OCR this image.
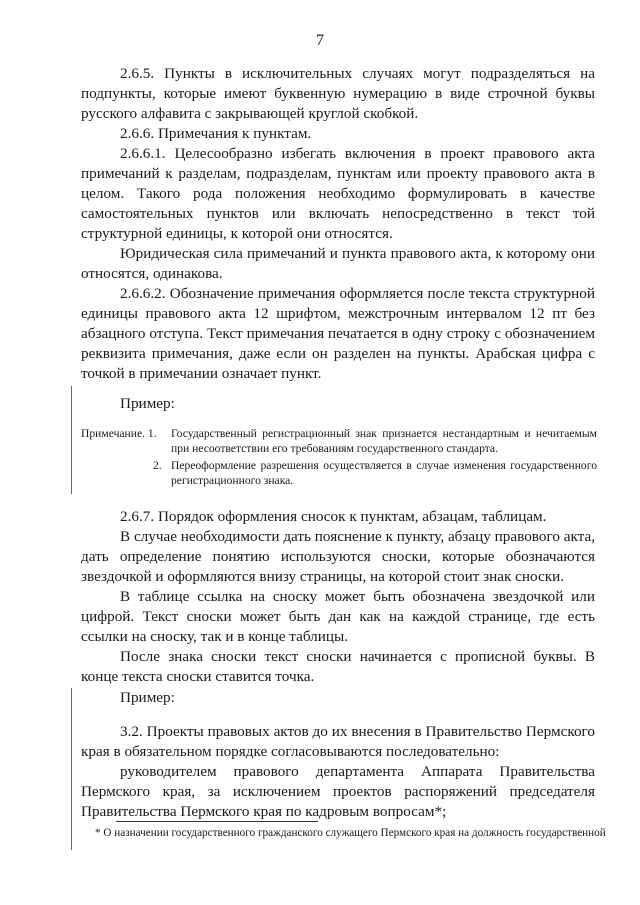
7

2.6.5. Пункты в исключительных случаях могут подразделяться на подпункты, которые имеют буквенную нумерацию в виде строчной буквы русского алфавита с закрывающей круглой скобкой.

2.6.6. Примечания к пунктам.

2.6.6.1. Целесообразно избегать включения в проект правового акта примечаний к разделам, подразделам, пунктам или проекту правового акта в целом. Такого рода положения необходимо формулировать в качестве самостоятельных пунктов или включать непосредственно в текст той структурной единицы, к которой они относятся.

Юридическая сила примечаний и пункта правового акта, к которому они относятся, одинакова.

2.6.6.2. Обозначение примечания оформляется после текста структурной единицы правового акта 12 шрифтом, межстрочным интервалом 12 пт без абзацного отступа. Текст примечания печатается в одну строку с обозначением реквизита примечания, даже если он разделен на пункты. Арабская цифра с точкой в примечании означает пункт.

Пример:

Примечание. 1.	Государственный регистрационный знак признается нестандартным и нечитаемым при несоответствии его требованиям государственного стандарта.
2. Переоформление разрешения осуществляется в случае изменения государственного регистрационного знака.

2.6.7. Порядок оформления сносок к пунктам, абзацам, таблицам.

В случае необходимости дать пояснение к пункту, абзацу правового акта, дать определение понятию используются сноски, которые обозначаются звездочкой и оформляются внизу страницы, на которой стоит знак сноски.

В таблице ссылка на сноску может быть обозначена звездочкой или цифрой. Текст сноски может быть дан как на каждой странице, где есть ссылки на сноску, так и в конце таблицы.

После знака сноски текст сноски начинается с прописной буквы. В конце текста сноски ставится точка.

Пример:

3.2. Проекты правовых актов до их внесения в Правительство Пермского края в обязательном порядке согласовываются последовательно:

руководителем правового департамента Аппарата Правительства Пермского края, за исключением проектов распоряжений председателя Правительства Пермского края по кадровым вопросам*;

* О назначении государственного гражданского служащего Пермского края на должность государственной
